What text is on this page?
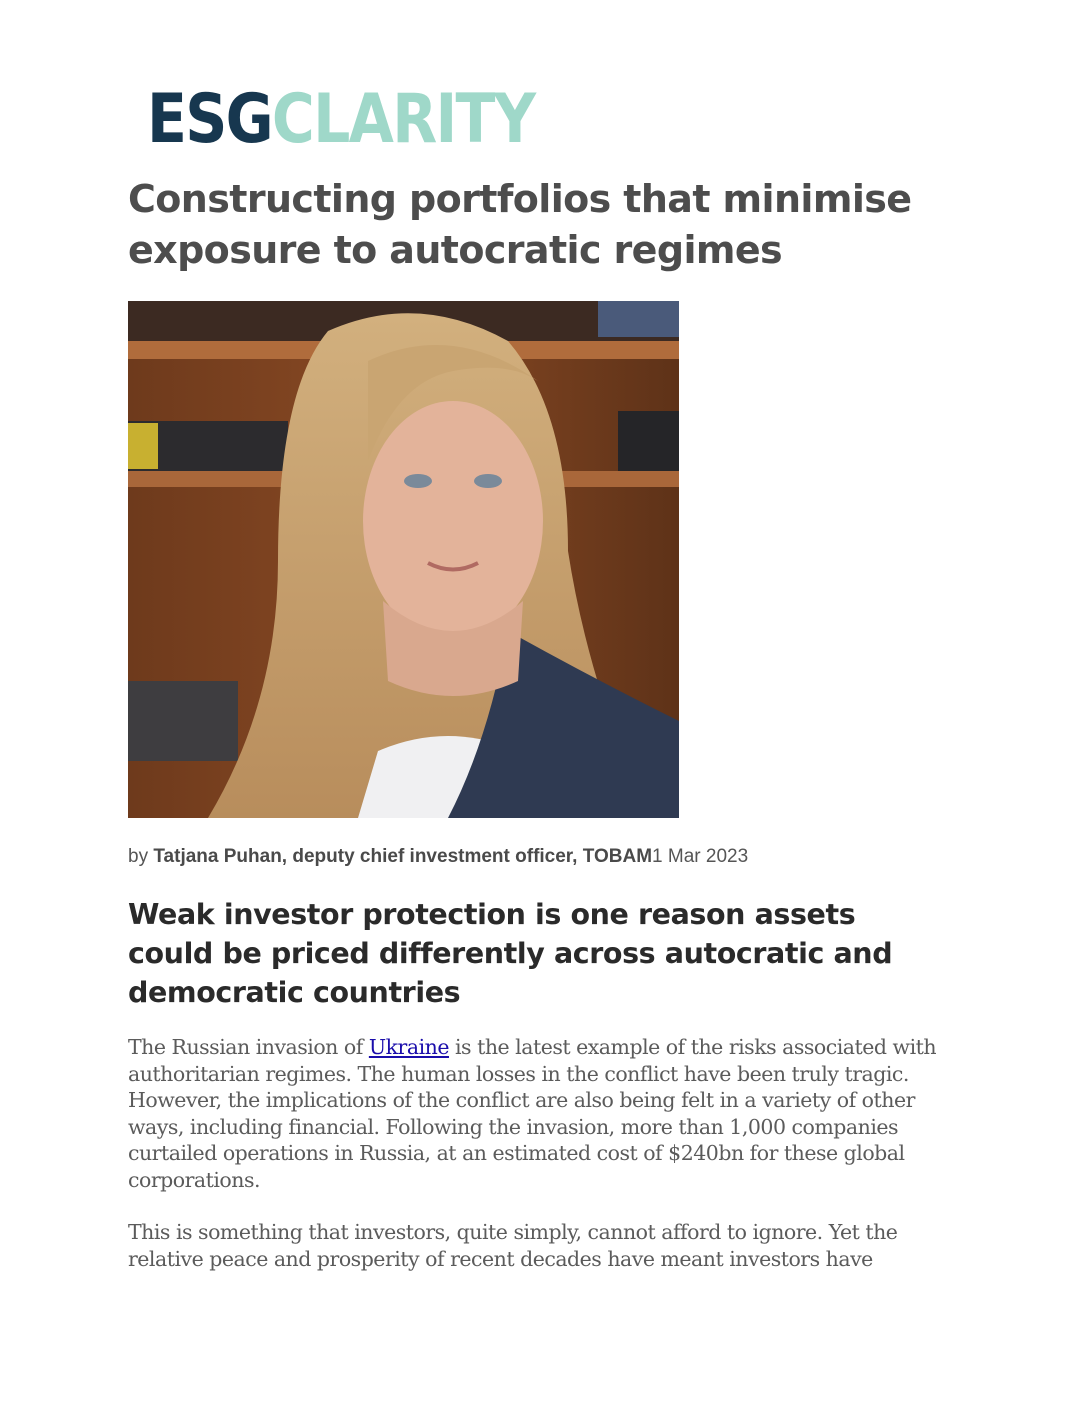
ESGCLARITY
Constructing portfolios that minimise exposure to autocratic regimes

by Tatjana Puhan, deputy chief investment officer, TOBAM1 Mar 2023

Weak investor protection is one reason assets could be priced differently across autocratic and democratic countries

The Russian invasion of Ukraine is the latest example of the risks associated with authoritarian regimes. The human losses in the conflict have been truly tragic. However, the implications of the conflict are also being felt in a variety of other ways, including financial. Following the invasion, more than 1,000 companies curtailed operations in Russia, at an estimated cost of $240bn for these global corporations.

This is something that investors, quite simply, cannot afford to ignore. Yet the relative peace and prosperity of recent decades have meant investors have
